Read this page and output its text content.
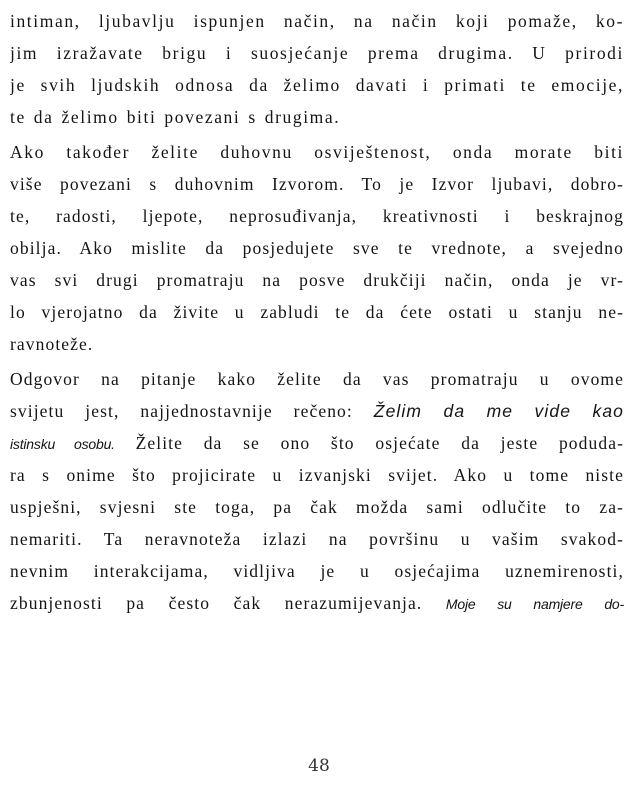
intiman, ljubavlju ispunjen način, na način koji pomaže, ko-
jim izražavate brigu i suosjećanje prema drugima. U prirodi
je svih ljudskih odnosa da želimo davati i primati te emocije,
te da želimo biti povezani s drugima.
Ako također želite duhovnu osviještenost, onda morate biti
više povezani s duhovnim Izvorom. To je Izvor ljubavi, dobro-
te, radosti, ljepote, neprosuđivanja, kreativnosti i beskrajnog
obilja. Ako mislite da posjedujete sve te vrednote, a svejedno
vas svi drugi promatraju na posve drukčiji način, onda je vr-
lo vjerojatno da živite u zabludi te da ćete ostati u stanju ne-
ravnoteže.
Odgovor na pitanje kako želite da vas promatraju u ovome
svijetu jest, najjednostavnije rečeno: Želim da me vide kao
istinsku osobu. Želite da se ono što osjećate da jeste poduda-
ra s onime što projicirate u izvanjski svijet. Ako u tome niste
uspješni, svjesni ste toga, pa čak možda sami odlučite to za-
nemariti. Ta neravnoteža izlazi na površinu u vašim svakod-
nevnim interakcijama, vidljiva je u osjećajima uznemirenosti,
zbunjenosti pa često čak nerazumijevanja. Moje su namjere do-
48
